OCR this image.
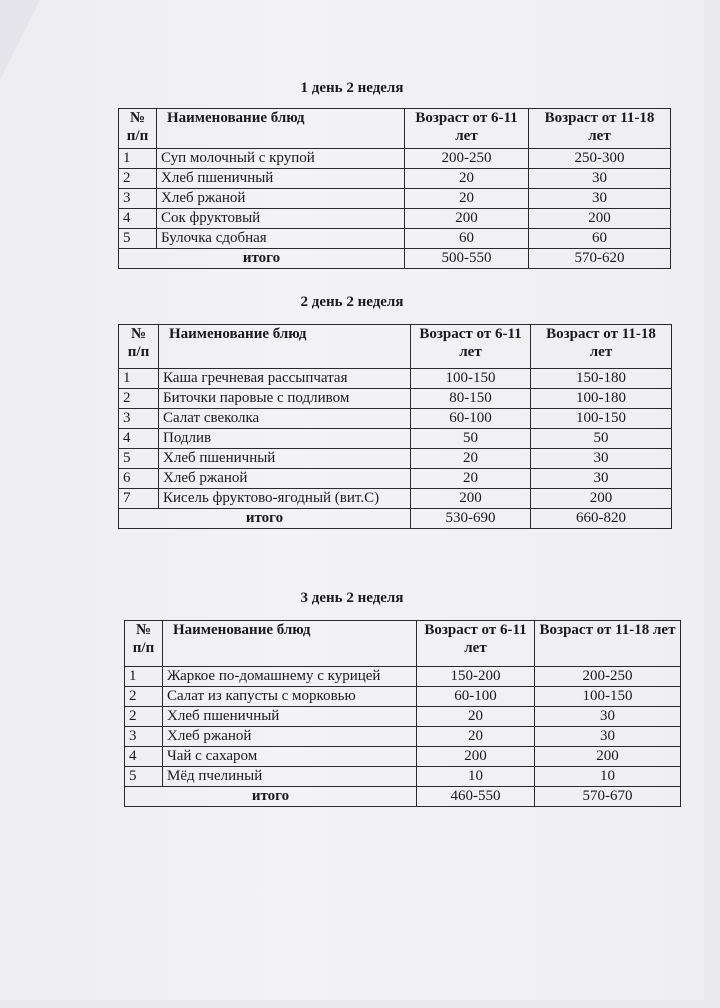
1 день 2 неделя
№ п/п	Наименование блюд	Возраст от 6-11 лет	Возраст от 11-18 лет
1	Суп молочный с крупой	200-250	250-300
2	Хлеб пшеничный	20	30
3	Хлеб ржаной	20	30
4	Сок фруктовый	200	200
5	Булочка сдобная	60	60
итого		500-550	570-620
2 день 2 неделя
№ п/п	Наименование блюд	Возраст от 6-11 лет	Возраст от 11-18 лет
1	Каша гречневая рассыпчатая	100-150	150-180
2	Биточки паровые с подливом	80-150	100-180
3	Салат свеколка	60-100	100-150
4	Подлив	50	50
5	Хлеб пшеничный	20	30
6	Хлеб ржаной	20	30
7	Кисель фруктово-ягодный (вит.С)	200	200
итого		530-690	660-820
3 день 2 неделя
№ п/п	Наименование блюд	Возраст от 6-11 лет	Возраст от 11-18 лет
1	Жаркое по-домашнему с курицей	150-200	200-250
2	Салат из капусты с морковью	60-100	100-150
2	Хлеб пшеничный	20	30
3	Хлеб ржаной	20	30
4	Чай с сахаром	200	200
5	Мёд пчелиный	10	10
итого		460-550	570-670
